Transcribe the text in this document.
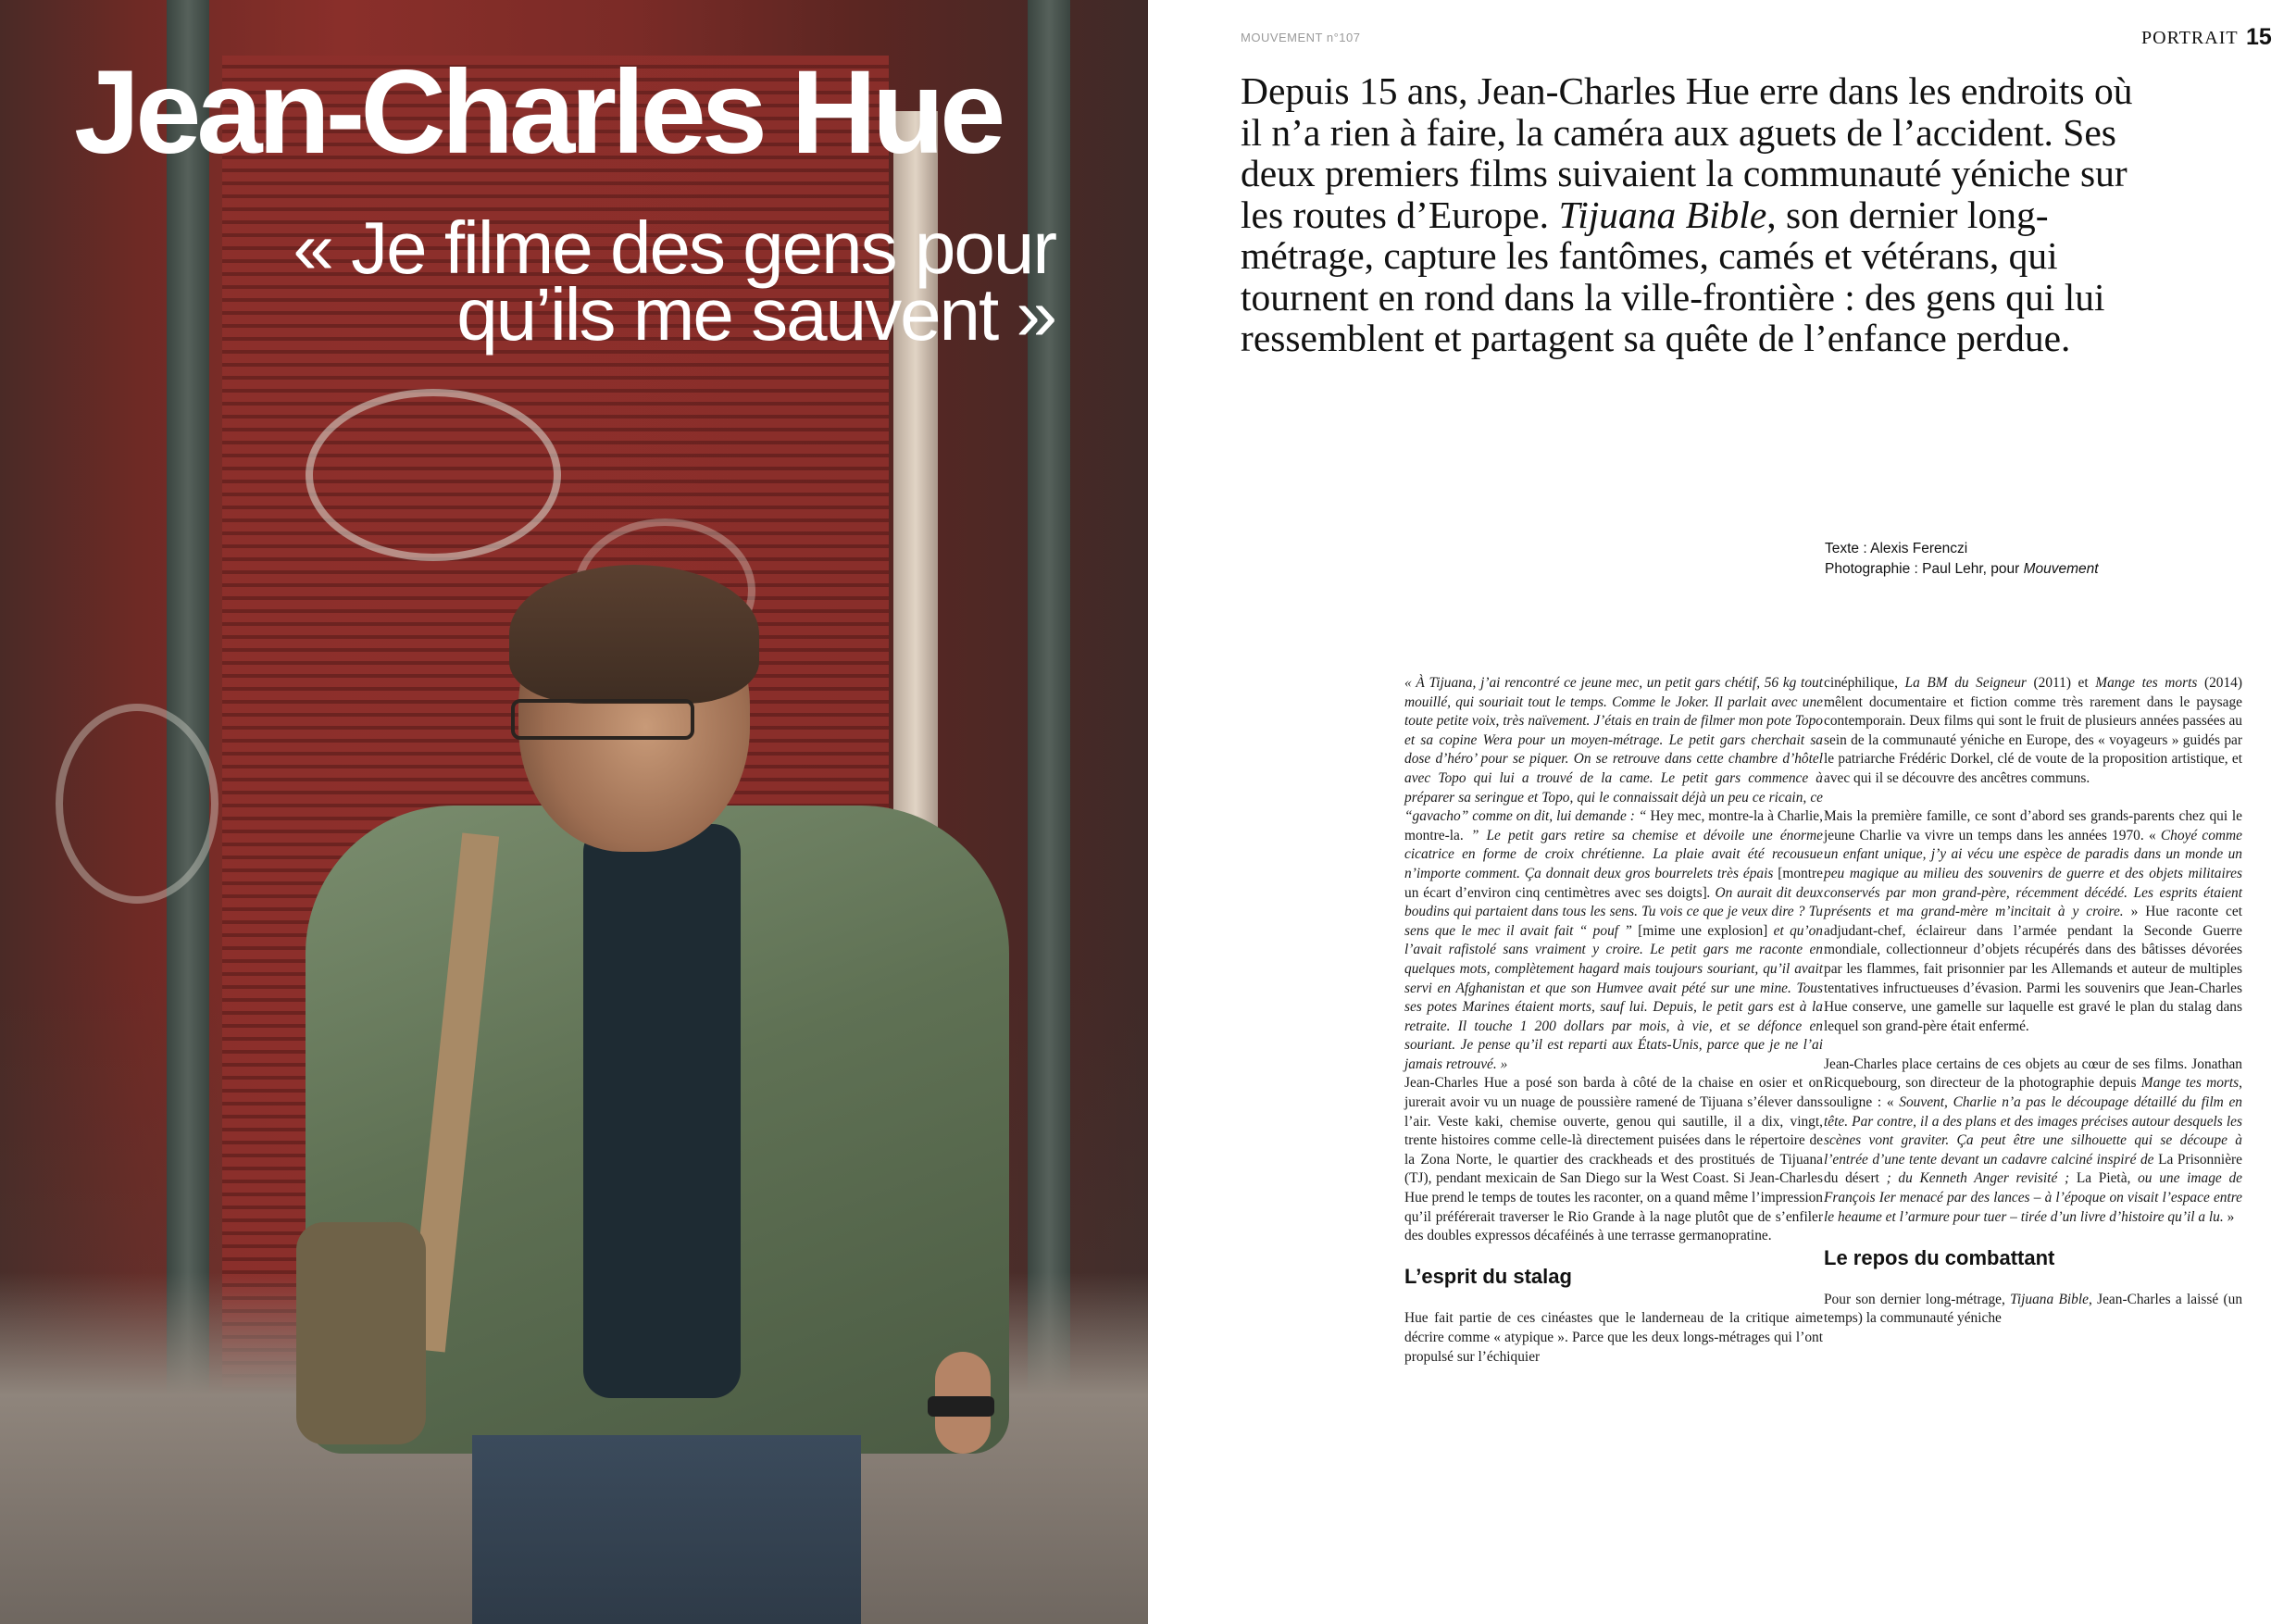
Jean-Charles Hue
« Je filme des gens pour qu’ils me sauvent »
MOUVEMENT n°107	PORTRAIT 15

Depuis 15 ans, Jean-Charles Hue erre dans les endroits où il n’a rien à faire, la caméra aux aguets de l’accident. Ses deux premiers films suivaient la communauté yéniche sur les routes d’Europe. Tijuana Bible, son dernier long-métrage, capture les fantômes, camés et vétérans, qui tournent en rond dans la ville-frontière : des gens qui lui ressemblent et partagent sa quête de l’enfance perdue.

Texte : Alexis Ferenczi
Photographie : Paul Lehr, pour Mouvement

« À Tijuana, j’ai rencontré ce jeune mec, un petit gars chétif, 56 kg tout mouillé, qui souriait tout le temps. Comme le Joker. Il parlait avec une toute petite voix, très naïvement. J’étais en train de filmer mon pote Topo et sa copine Wera pour un moyen-métrage. Le petit gars cherchait sa dose d’héro’ pour se piquer. On se retrouve dans cette chambre d’hôtel avec Topo qui lui a trouvé de la came. Le petit gars commence à préparer sa seringue et Topo, qui le connaissait déjà un peu ce ricain, ce “gavacho” comme on dit, lui demande : “ Hey mec, montre-la à Charlie, montre-la. ” Le petit gars retire sa chemise et dévoile une énorme cicatrice en forme de croix chrétienne. La plaie avait été recousue n’importe comment. Ça donnait deux gros bourrelets très épais [montre un écart d’environ cinq centimètres avec ses doigts]. On aurait dit deux boudins qui partaient dans tous les sens. Tu vois ce que je veux dire ? Tu sens que le mec il avait fait “ pouf ” [mime une explosion] et qu’on l’avait rafistolé sans vraiment y croire. Le petit gars me raconte en quelques mots, complètement hagard mais toujours souriant, qu’il avait servi en Afghanistan et que son Humvee avait pété sur une mine. Tous ses potes Marines étaient morts, sauf lui. Depuis, le petit gars est à la retraite. Il touche 1 200 dollars par mois, à vie, et se défonce en souriant. Je pense qu’il est reparti aux États-Unis, parce que je ne l’ai jamais retrouvé. »

Jean-Charles Hue a posé son barda à côté de la chaise en osier et on jurerait avoir vu un nuage de poussière ramené de Tijuana s’élever dans l’air. Veste kaki, chemise ouverte, genou qui sautille, il a dix, vingt, trente histoires comme celle-là directement puisées dans le répertoire de la Zona Norte, le quartier des crackheads et des prostitués de Tijuana (TJ), pendant mexicain de San Diego sur la West Coast. Si Jean-Charles Hue prend le temps de toutes les raconter, on a quand même l’impression qu’il préférerait traverser le Rio Grande à la nage plutôt que de s’enfiler des doubles expressos décaféinés à une terrasse germanopratine.

L’esprit du stalag

Hue fait partie de ces cinéastes que le landerneau de la critique aime décrire comme « atypique ». Parce que les deux longs-métrages qui l’ont propulsé sur l’échiquier

cinéphilique, La BM du Seigneur (2011) et Mange tes morts (2014) mêlent documentaire et fiction comme très rarement dans le paysage contemporain. Deux films qui sont le fruit de plusieurs années passées au sein de la communauté yéniche en Europe, des « voyageurs » guidés par le patriarche Frédéric Dorkel, clé de voute de la proposition artistique, et avec qui il se découvre des ancêtres communs.

Mais la première famille, ce sont d’abord ses grands-parents chez qui le jeune Charlie va vivre un temps dans les années 1970. « Choyé comme un enfant unique, j’y ai vécu une espèce de paradis dans un monde un peu magique au milieu des souvenirs de guerre et des objets militaires conservés par mon grand-père, récemment décédé. Les esprits étaient présents et ma grand-mère m’incitait à y croire. » Hue raconte cet adjudant-chef, éclaireur dans l’armée pendant la Seconde Guerre mondiale, collectionneur d’objets récupérés dans des bâtisses dévorées par les flammes, fait prisonnier par les Allemands et auteur de multiples tentatives infructueuses d’évasion. Parmi les souvenirs que Jean-Charles Hue conserve, une gamelle sur laquelle est gravé le plan du stalag dans lequel son grand-père était enfermé.

Jean-Charles place certains de ces objets au cœur de ses films. Jonathan Ricquebourg, son directeur de la photographie depuis Mange tes morts, souligne : « Souvent, Charlie n’a pas le découpage détaillé du film en tête. Par contre, il a des plans et des images précises autour desquels les scènes vont graviter. Ça peut être une silhouette qui se découpe à l’entrée d’une tente devant un cadavre calciné inspiré de La Prisonnière du désert ; du Kenneth Anger revisité ; La Pietà, ou une image de François Ier menacé par des lances – à l’époque on visait l’espace entre le heaume et l’armure pour tuer – tirée d’un livre d’histoire qu’il a lu. »

Le repos du combattant

Pour son dernier long-métrage, Tijuana Bible, Jean-Charles a laissé (un temps) la communauté yéniche
